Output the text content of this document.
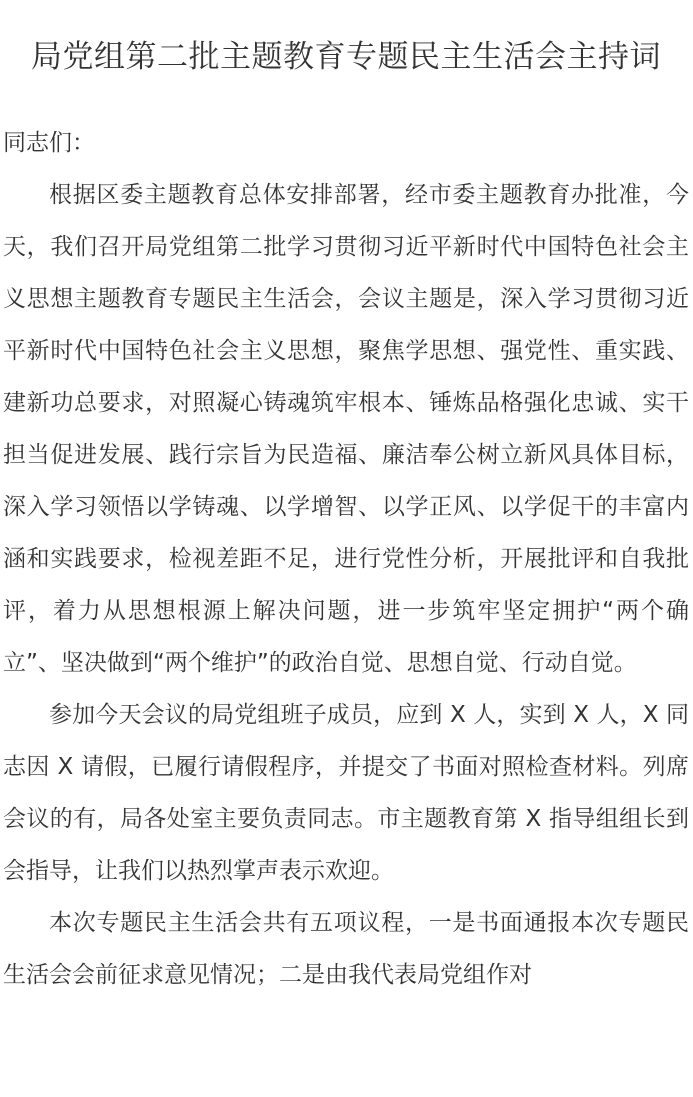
局党组第二批主题教育专题民主生活会主持词

同志们：

根据区委主题教育总体安排部署，经市委主题教育办批准，今天，我们召开局党组第二批学习贯彻习近平新时代中国特色社会主义思想主题教育专题民主生活会，会议主题是，深入学习贯彻习近平新时代中国特色社会主义思想，聚焦学思想、强党性、重实践、建新功总要求，对照凝心铸魂筑牢根本、锤炼品格强化忠诚、实干担当促进发展、践行宗旨为民造福、廉洁奉公树立新风具体目标，深入学习领悟以学铸魂、以学增智、以学正风、以学促干的丰富内涵和实践要求，检视差距不足，进行党性分析，开展批评和自我批评，着力从思想根源上解决问题，进一步筑牢坚定拥护“两个确立”、坚决做到“两个维护”的政治自觉、思想自觉、行动自觉。

参加今天会议的局党组班子成员，应到 X 人，实到 X 人，X 同志因 X 请假，已履行请假程序，并提交了书面对照检查材料。列席会议的有，局各处室主要负责同志。市主题教育第 X 指导组组长到会指导，让我们以热烈掌声表示欢迎。

本次专题民主生活会共有五项议程，一是书面通报本次专题民生活会会前征求意见情况；二是由我代表局党组作对
